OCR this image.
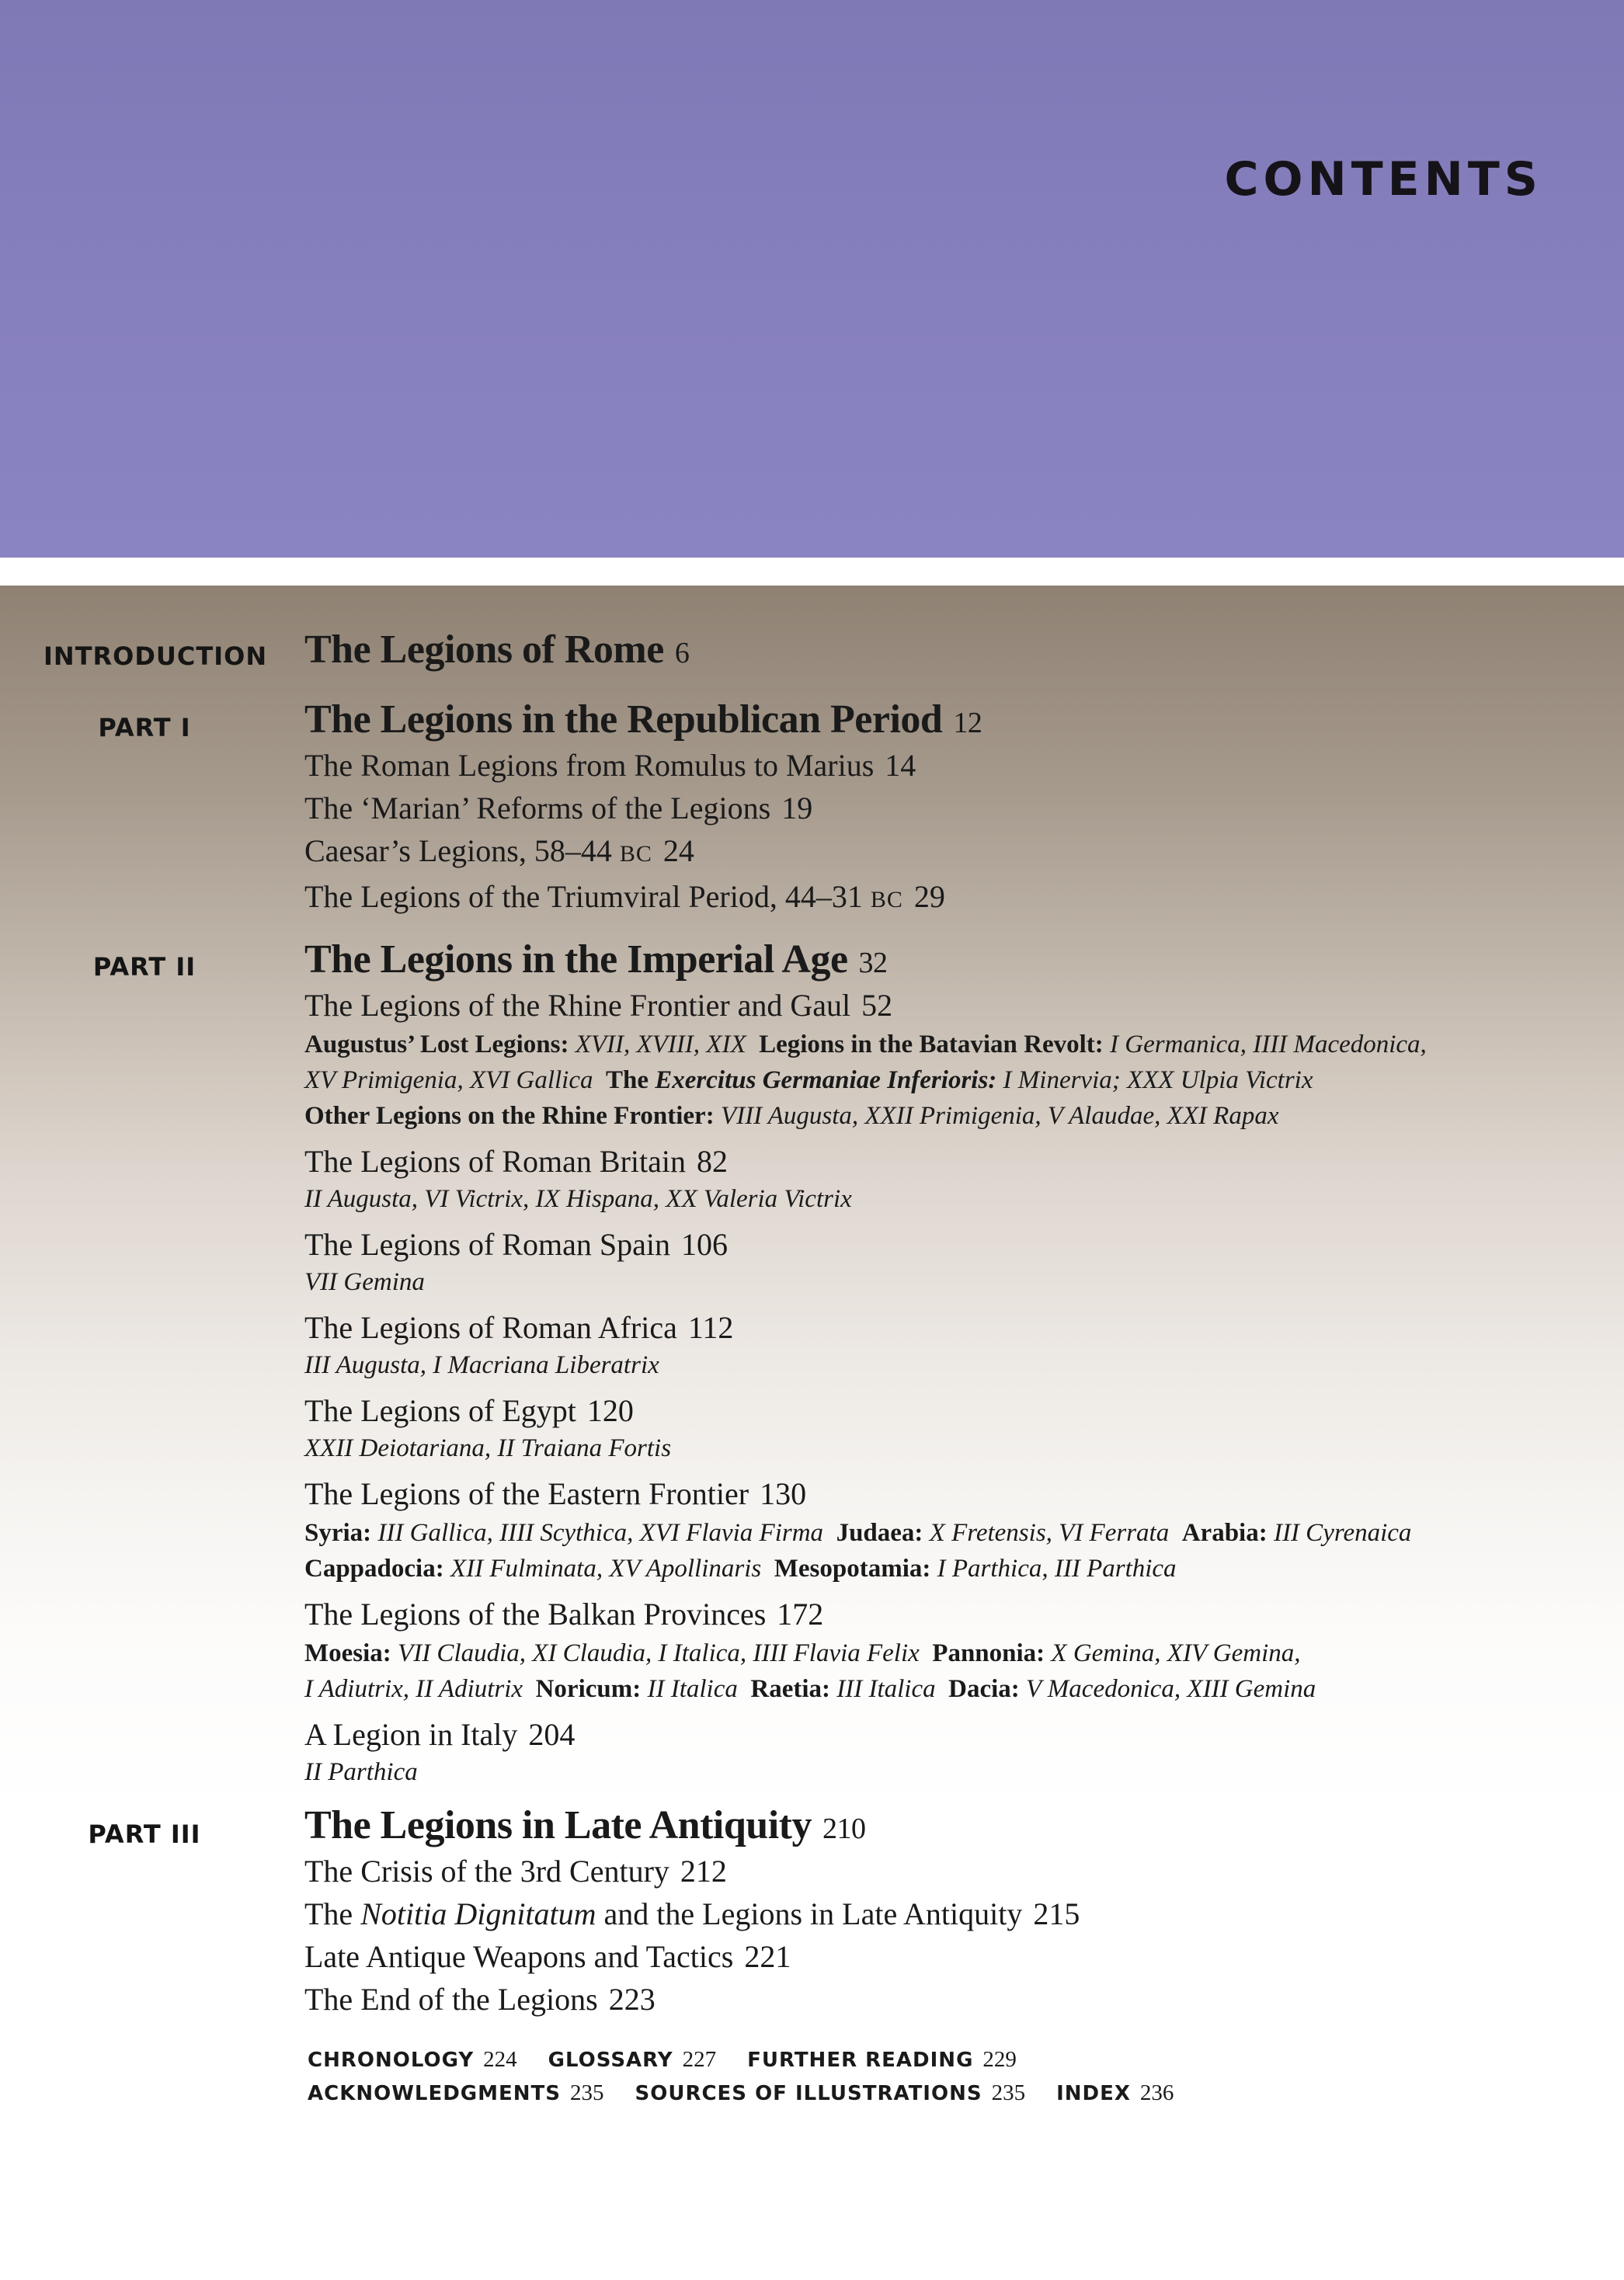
CONTENTS
INTRODUCTION The Legions of Rome 6
PART I	The Legions in the Republican Period 12
The Roman Legions from Romulus to Marius 14
The ‘Marian’ Reforms of the Legions 19
Caesar’s Legions, 58–44 BC 24
The Legions of the Triumviral Period, 44–31 BC 29
PART II	The Legions in the Imperial Age 32
The Legions of the Rhine Frontier and Gaul 52
Augustus’ Lost Legions: XVII, XVIII, XIX Legions in the Batavian Revolt: I Germanica, IIII Macedonica,
XV Primigenia, XVI Gallica The Exercitus Germaniae Inferioris: I Minervia; XXX Ulpia Victrix
Other Legions on the Rhine Frontier: VIII Augusta, XXII Primigenia, V Alaudae, XXI Rapax
The Legions of Roman Britain 82
II Augusta, VI Victrix, IX Hispana, XX Valeria Victrix
The Legions of Roman Spain 106
VII Gemina
The Legions of Roman Africa 112
III Augusta, I Macriana Liberatrix
The Legions of Egypt 120
XXII Deiotariana, II Traiana Fortis
The Legions of the Eastern Frontier 130
Syria: III Gallica, IIII Scythica, XVI Flavia Firma Judaea: X Fretensis, VI Ferrata Arabia: III Cyrenaica
Cappadocia: XII Fulminata, XV Apollinaris Mesopotamia: I Parthica, III Parthica
The Legions of the Balkan Provinces 172
Moesia: VII Claudia, XI Claudia, I Italica, IIII Flavia Felix Pannonia: X Gemina, XIV Gemina,
I Adiutrix, II Adiutrix Noricum: II Italica Raetia: III Italica Dacia: V Macedonica, XIII Gemina
A Legion in Italy 204
II Parthica
PART III	The Legions in Late Antiquity 210
The Crisis of the 3rd Century 212
The Notitia Dignitatum and the Legions in Late Antiquity 215
Late Antique Weapons and Tactics 221
The End of the Legions 223
CHRONOLOGY 224 GLOSSARY 227 FURTHER READING 229
ACKNOWLEDGMENTS 235 SOURCES OF ILLUSTRATIONS 235 INDEX 236
